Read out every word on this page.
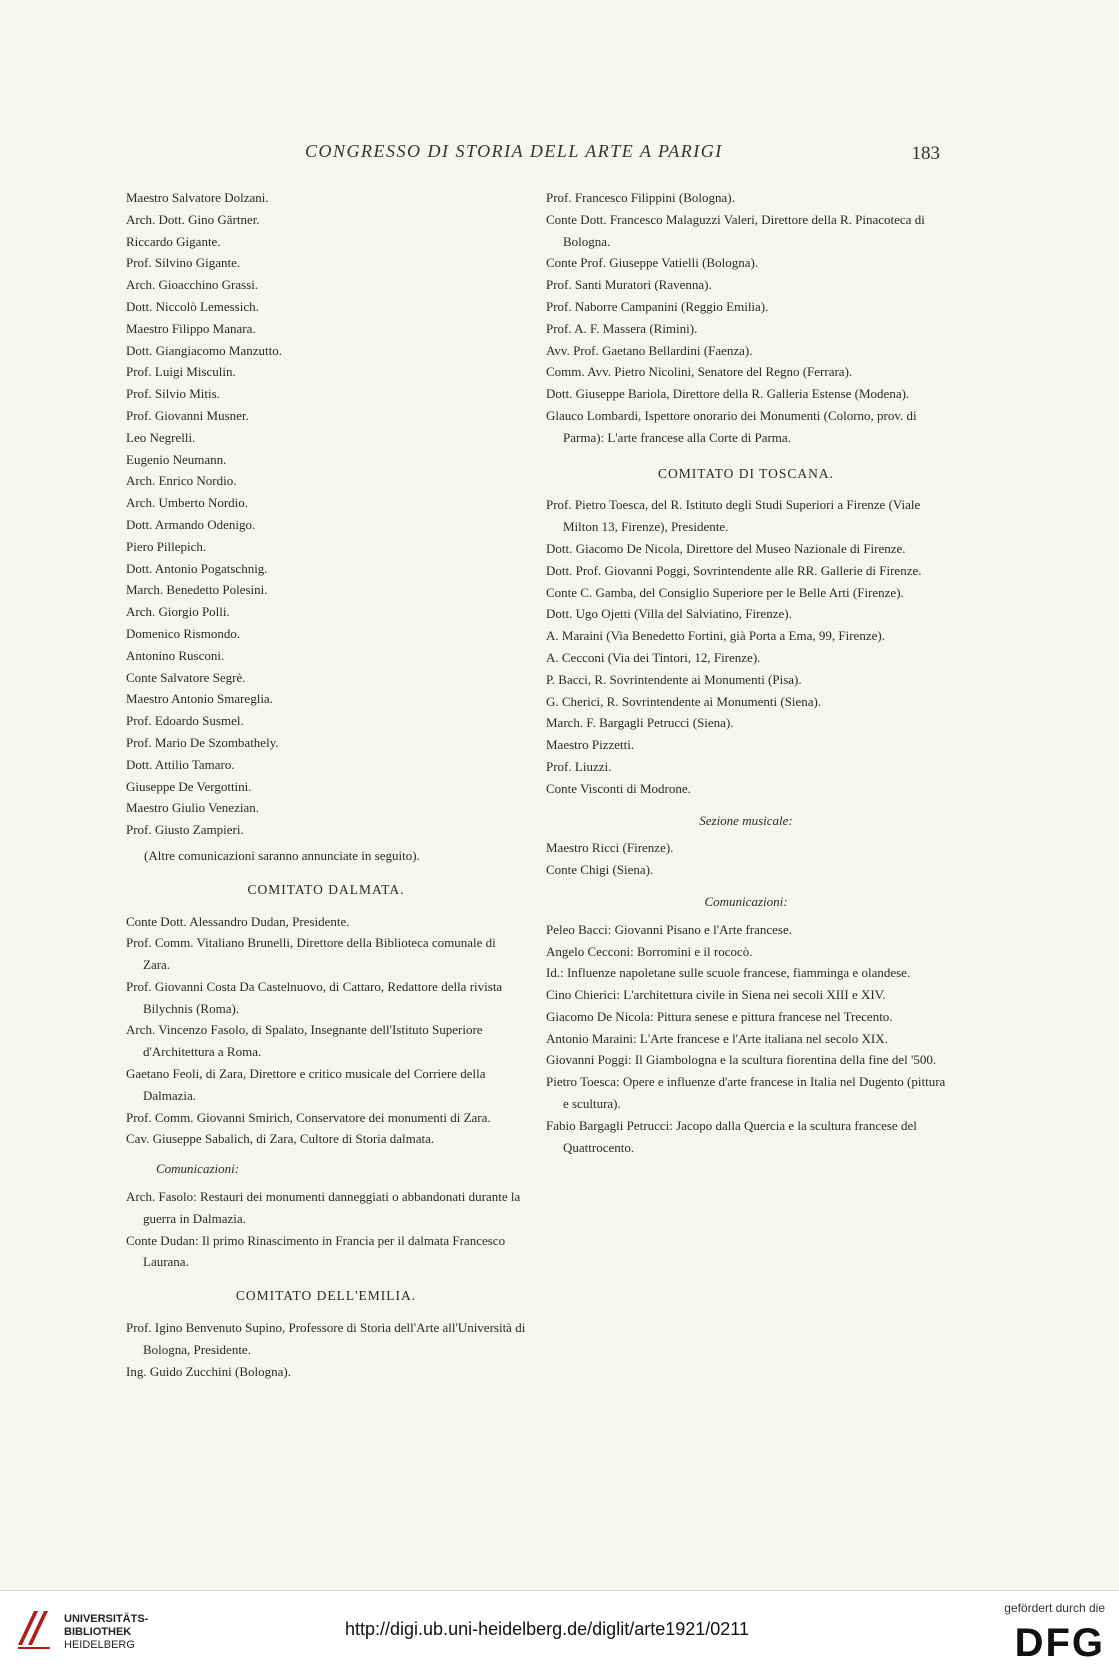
CONGRESSO DI STORIA DELL ARTE A PARIGI	183
Maestro Salvatore Dolzani.
Arch. Dott. Gino Gärtner.
Riccardo Gigante.
Prof. Silvino Gigante.
Arch. Gioacchino Grassi.
Dott. Niccolò Lemessich.
Maestro Filippo Manara.
Dott. Giangiacomo Manzutto.
Prof. Luigi Misculin.
Prof. Silvio Mitis.
Prof. Giovanni Musner.
Leo Negrelli.
Eugenio Neumann.
Arch. Enrico Nordio.
Arch. Umberto Nordio.
Dott. Armando Odenigo.
Piero Pillepich.
Dott. Antonio Pogatschnig.
March. Benedetto Polesini.
Arch. Giorgio Polli.
Domenico Rismondo.
Antonino Rusconi.
Conte Salvatore Segrè.
Maestro Antonio Smareglia.
Prof. Edoardo Susmel.
Prof. Mario De Szombathely.
Dott. Attilio Tamaro.
Giuseppe De Vergottini.
Maestro Giulio Venezian.
Prof. Giusto Zampieri.
(Altre comunicazioni saranno annunciate in seguito).
COMITATO DALMATA.
Conte Dott. Alessandro Dudan, Presidente.
Prof. Comm. Vitaliano Brunelli, Direttore della Biblioteca comunale di Zara.
Prof. Giovanni Costa Da Castelnuovo, di Cattaro, Redattore della rivista Bilychnis (Roma).
Arch. Vincenzo Fasolo, di Spalato, Insegnante dell'Istituto Superiore d'Architettura a Roma.
Gaetano Feoli, di Zara, Direttore e critico musicale del Corriere della Dalmazia.
Prof. Comm. Giovanni Smirich, Conservatore dei monumenti di Zara.
Cav. Giuseppe Sabalich, di Zara, Cultore di Storia dalmata.
Comunicazioni:
Arch. Fasolo: Restauri dei monumenti danneggiati o abbandonati durante la guerra in Dalmazia.
Conte Dudan: Il primo Rinascimento in Francia per il dalmata Francesco Laurana.
COMITATO DELL'EMILIA.
Prof. Igino Benvenuto Supino, Professore di Storia dell'Arte all'Università di Bologna, Presidente.
Ing. Guido Zucchini (Bologna).
Prof. Francesco Filippini (Bologna).
Conte Dott. Francesco Malaguzzi Valeri, Direttore della R. Pinacoteca di Bologna.
Conte Prof. Giuseppe Vatielli (Bologna).
Prof. Santi Muratori (Ravenna).
Prof. Naborre Campanini (Reggio Emilia).
Prof. A. F. Massera (Rimini).
Avv. Prof. Gaetano Bellardini (Faenza).
Comm. Avv. Pietro Nicolini, Senatore del Regno (Ferrara).
Dott. Giuseppe Bariola, Direttore della R. Galleria Estense (Modena).
Glauco Lombardi, Ispettore onorario dei Monumenti (Colorno, prov. di Parma): L'arte francese alla Corte di Parma.
COMITATO DI TOSCANA.
Prof. Pietro Toesca, del R. Istituto degli Studi Superiori a Firenze (Viale Milton 13, Firenze), Presidente.
Dott. Giacomo De Nicola, Direttore del Museo Nazionale di Firenze.
Dott. Prof. Giovanni Poggi, Sovrintendente alle RR. Gallerie di Firenze.
Conte C. Gamba, del Consiglio Superiore per le Belle Arti (Firenze).
Dott. Ugo Ojetti (Villa del Salviatino, Firenze).
A. Maraini (Via Benedetto Fortini, già Porta a Ema, 99, Firenze).
A. Cecconi (Via dei Tintori, 12, Firenze).
P. Bacci, R. Sovrintendente ai Monumenti (Pisa).
G. Cherici, R. Sovrintendente ai Monumenti (Siena).
March. F. Bargagli Petrucci (Siena).
Maestro Pizzetti.
Prof. Liuzzi.
Conte Visconti di Modrone.
Sezione musicale:
Maestro Ricci (Firenze).
Conte Chigi (Siena).
Comunicazioni:
Peleo Bacci: Giovanni Pisano e l'Arte francese.
Angelo Cecconi: Borromini e il rococò.
Id.: Influenze napoletane sulle scuole francese, fiamminga e olandese.
Cino Chierici: L'architettura civile in Siena nei secoli XIII e XIV.
Giacomo De Nicola: Pittura senese e pittura francese nel Trecento.
Antonio Maraini: L'Arte francese e l'Arte italiana nel secolo XIX.
Giovanni Poggi: Il Giambologna e la scultura fiorentina della fine del '500.
Pietro Toesca: Opere e influenze d'arte francese in Italia nel Dugento (pittura e scultura).
Fabio Bargagli Petrucci: Jacopo dalla Quercia e la scultura francese del Quattrocento.
UNIVERSITÄTS-
BIBLIOTHEK
HEIDELBERG
http://digi.ub.uni-heidelberg.de/diglit/arte1921/0211
gefördert durch die
DFG
